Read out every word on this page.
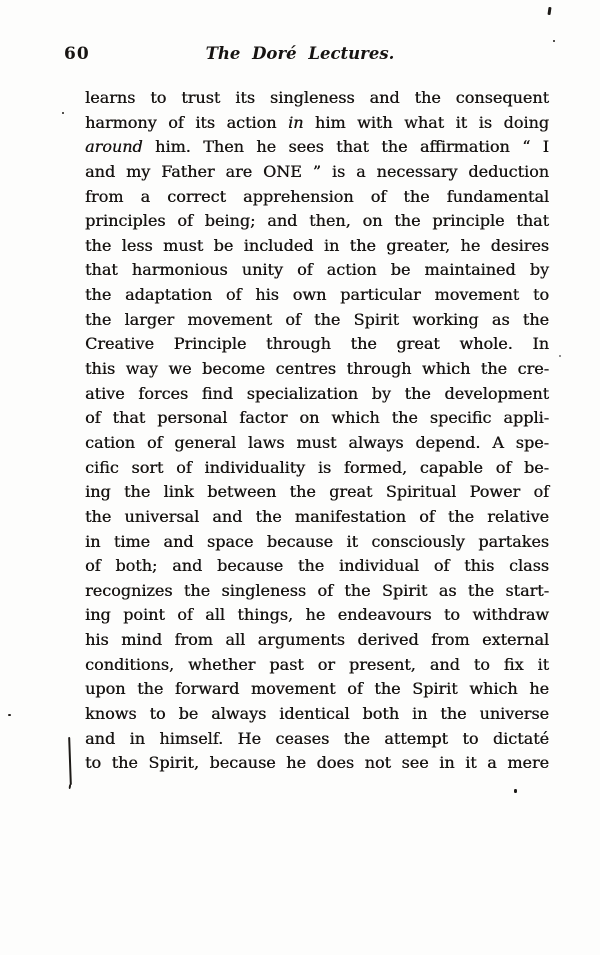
60	The Doré Lectures.
learns to trust its singleness and the consequent
harmony of its action in him with what it is doing
around him. Then he sees that the affirmation “ I
and my Father are ONE ” is a necessary deduction
from a correct apprehension of the fundamental
principles of being; and then, on the principle that
the less must be included in the greater, he desires
that harmonious unity of action be maintained by
the adaptation of his own particular movement to
the larger movement of the Spirit working as the
Creative Principle through the great whole. In
this way we become centres through which the cre-
ative forces find specialization by the development
of that personal factor on which the specific appli-
cation of general laws must always depend. A spe-
cific sort of individuality is formed, capable of be-
ing the link between the great Spiritual Power of
the universal and the manifestation of the relative
in time and space because it consciously partakes
of both; and because the individual of this class
recognizes the singleness of the Spirit as the start-
ing point of all things, he endeavours to withdraw
his mind from all arguments derived from external
conditions, whether past or present, and to fix it
upon the forward movement of the Spirit which he
knows to be always identical both in the universe
and in himself. He ceases the attempt to dictaté
to the Spirit, because he does not see in it a mere
